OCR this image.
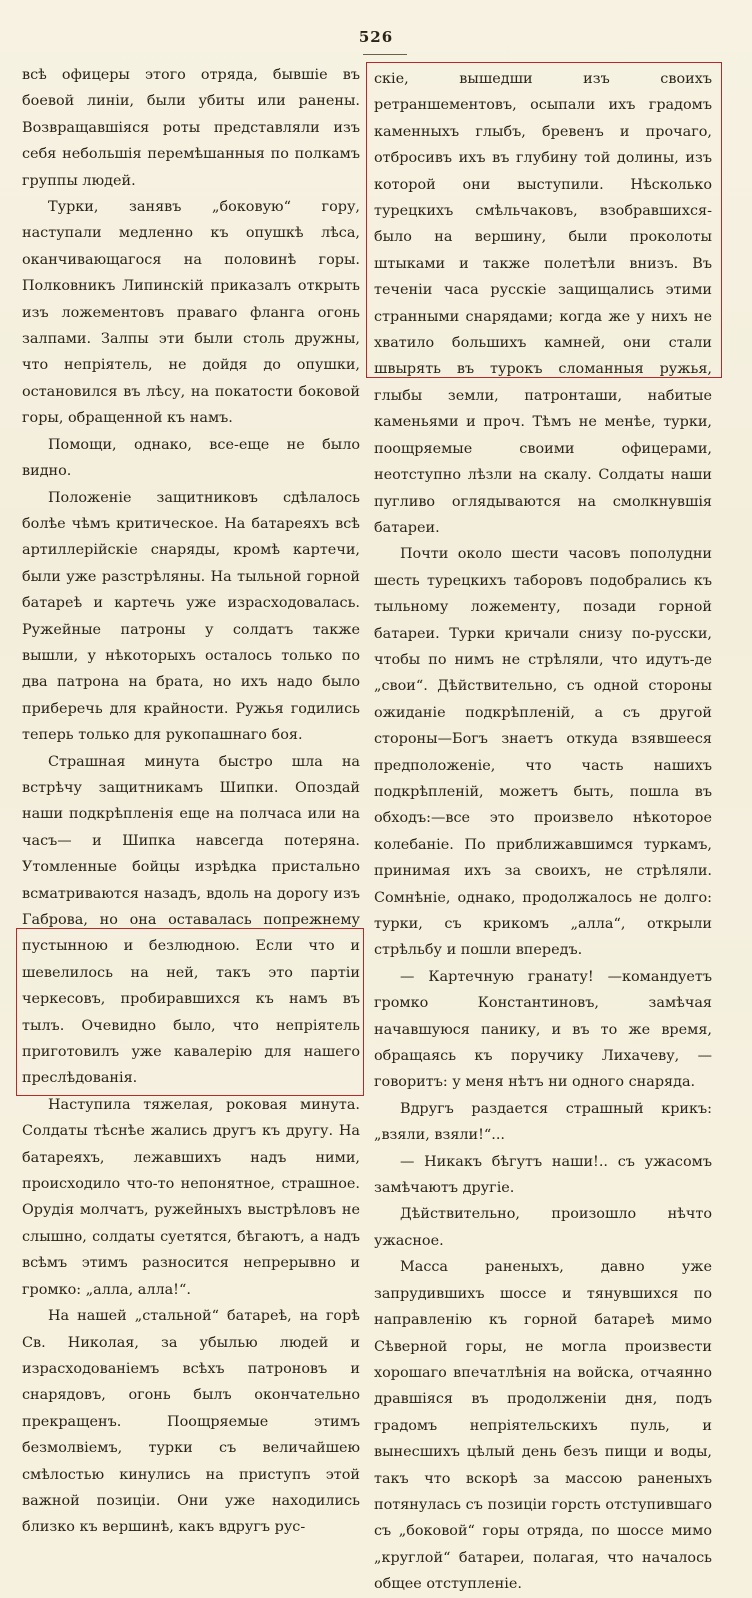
526

всѣ офицеры этого отряда, бывшіе въ боевой линіи, были убиты или ранены. Возвращавшіяся роты представляли изъ себя небольшія перемѣшанныя по полкамъ группы людей.

Турки, занявъ „боковую“ гору, наступали медленно къ опушкѣ лѣса, оканчивающагося на половинѣ горы. Полковникъ Липинскій приказалъ открыть изъ ложементовъ праваго фланга огонь залпами. Залпы эти были столь дружны, что непріятель, не дойдя до опушки, остановился въ лѣсу, на покатости боковой горы, обращенной къ намъ.

Помощи, однако, все-еще не было видно.

Положеніе защитниковъ сдѣлалось болѣе чѣмъ критическое. На батареяхъ всѣ артиллерійскіе снаряды, кромѣ картечи, были уже разстрѣляны. На тыльной горной батареѣ и картечь уже израсходовалась. Ружейные патроны у солдатъ также вышли, у нѣкоторыхъ осталось только по два патрона на брата, но ихъ надо было приберечь для крайности. Ружья годились теперь только для рукопашнаго боя.

Страшная минута быстро шла на встрѣчу защитникамъ Шипки. Опоздай наши подкрѣпленія еще на полчаса или на часъ— и Шипка навсегда потеряна. Утомленные бойцы изрѣдка пристально всматриваются назадъ, вдоль на дорогу изъ Габрова, но она оставалась попрежнему пустынною и безлюдною. Если что и шевелилось на ней, такъ это партіи черкесовъ, пробиравшихся къ намъ въ тылъ. Очевидно было, что непріятель приготовилъ уже кавалерію для нашего преслѣдованія.

Наступила тяжелая, роковая минута. Солдаты тѣснѣе жались другъ къ другу. На батареяхъ, лежавшихъ надъ ними, происходило что-то непонятное, страшное. Орудія молчатъ, ружейныхъ выстрѣловъ не слышно, солдаты суетятся, бѣгаютъ, а надъ всѣмъ этимъ разносится непрерывно и громко: „алла, алла!“.

На нашей „стальной“ батареѣ, на горѣ Св. Николая, за убылью людей и израсходованіемъ всѣхъ патроновъ и снарядовъ, огонь былъ окончательно прекращенъ. Поощряемые этимъ безмолвіемъ, турки съ величайшею смѣлостью кинулись на приступъ этой важной позиціи. Они уже находились близко къ вершинѣ, какъ вдругъ рус-

скіе, вышедши изъ своихъ ретраншементовъ, осыпали ихъ градомъ каменныхъ глыбъ, бревенъ и прочаго, отбросивъ ихъ въ глубину той долины, изъ которой они выступили. Нѣсколько турецкихъ смѣльчаковъ, взобравшихся-было на вершину, были проколоты штыками и также полетѣли внизъ. Въ теченіи часа русскіе защищались этими странными снарядами; когда же у нихъ не хватило большихъ камней, они стали швырять въ турокъ сломанныя ружья, глыбы земли, патронташи, набитые каменьями и проч. Тѣмъ не менѣе, турки, поощряемые своими офицерами, неотступно лѣзли на скалу. Солдаты наши пугливо оглядываются на смолкнувшія батареи.

Почти около шести часовъ пополудни шесть турецкихъ таборовъ подобрались къ тыльному ложементу, позади горной батареи. Турки кричали снизу по-русски, чтобы по нимъ не стрѣляли, что идутъ-де „свои“. Дѣйствительно, съ одной стороны ожиданіе подкрѣпленій, а съ другой стороны—Богъ знаетъ откуда взявшееся предположеніе, что часть нашихъ подкрѣпленій, можетъ быть, пошла въ обходъ:—все это произвело нѣкоторое колебаніе. По приближавшимся туркамъ, принимая ихъ за своихъ, не стрѣляли. Сомнѣніе, однако, продолжалось не долго: турки, съ крикомъ „алла“, открыли стрѣльбу и пошли впередъ.

— Картечную гранату! —командуетъ громко Константиновъ, замѣчая начавшуюся панику, и въ то же время, обращаясь къ поручику Лихачеву, — говоритъ: у меня нѣтъ ни одного снаряда.

Вдругъ раздается страшный крикъ: „взяли, взяли!“...

— Никакъ бѣгутъ наши!.. съ ужасомъ замѣчаютъ другіе.

Дѣйствительно, произошло нѣчто ужасное.

Масса раненыхъ, давно уже запрудившихъ шоссе и тянувшихся по направленію къ горной батареѣ мимо Сѣверной горы, не могла произвести хорошаго впечатлѣнія на войска, отчаянно дравшіяся въ продолженіи дня, подъ градомъ непріятельскихъ пуль, и вынесшихъ цѣлый день безъ пищи и воды, такъ что вскорѣ за массою раненыхъ потянулась съ позиціи горсть отступившаго съ „боковой“ горы отряда, по шоссе мимо „круглой“ батареи, полагая, что началось общее отступленіе.
